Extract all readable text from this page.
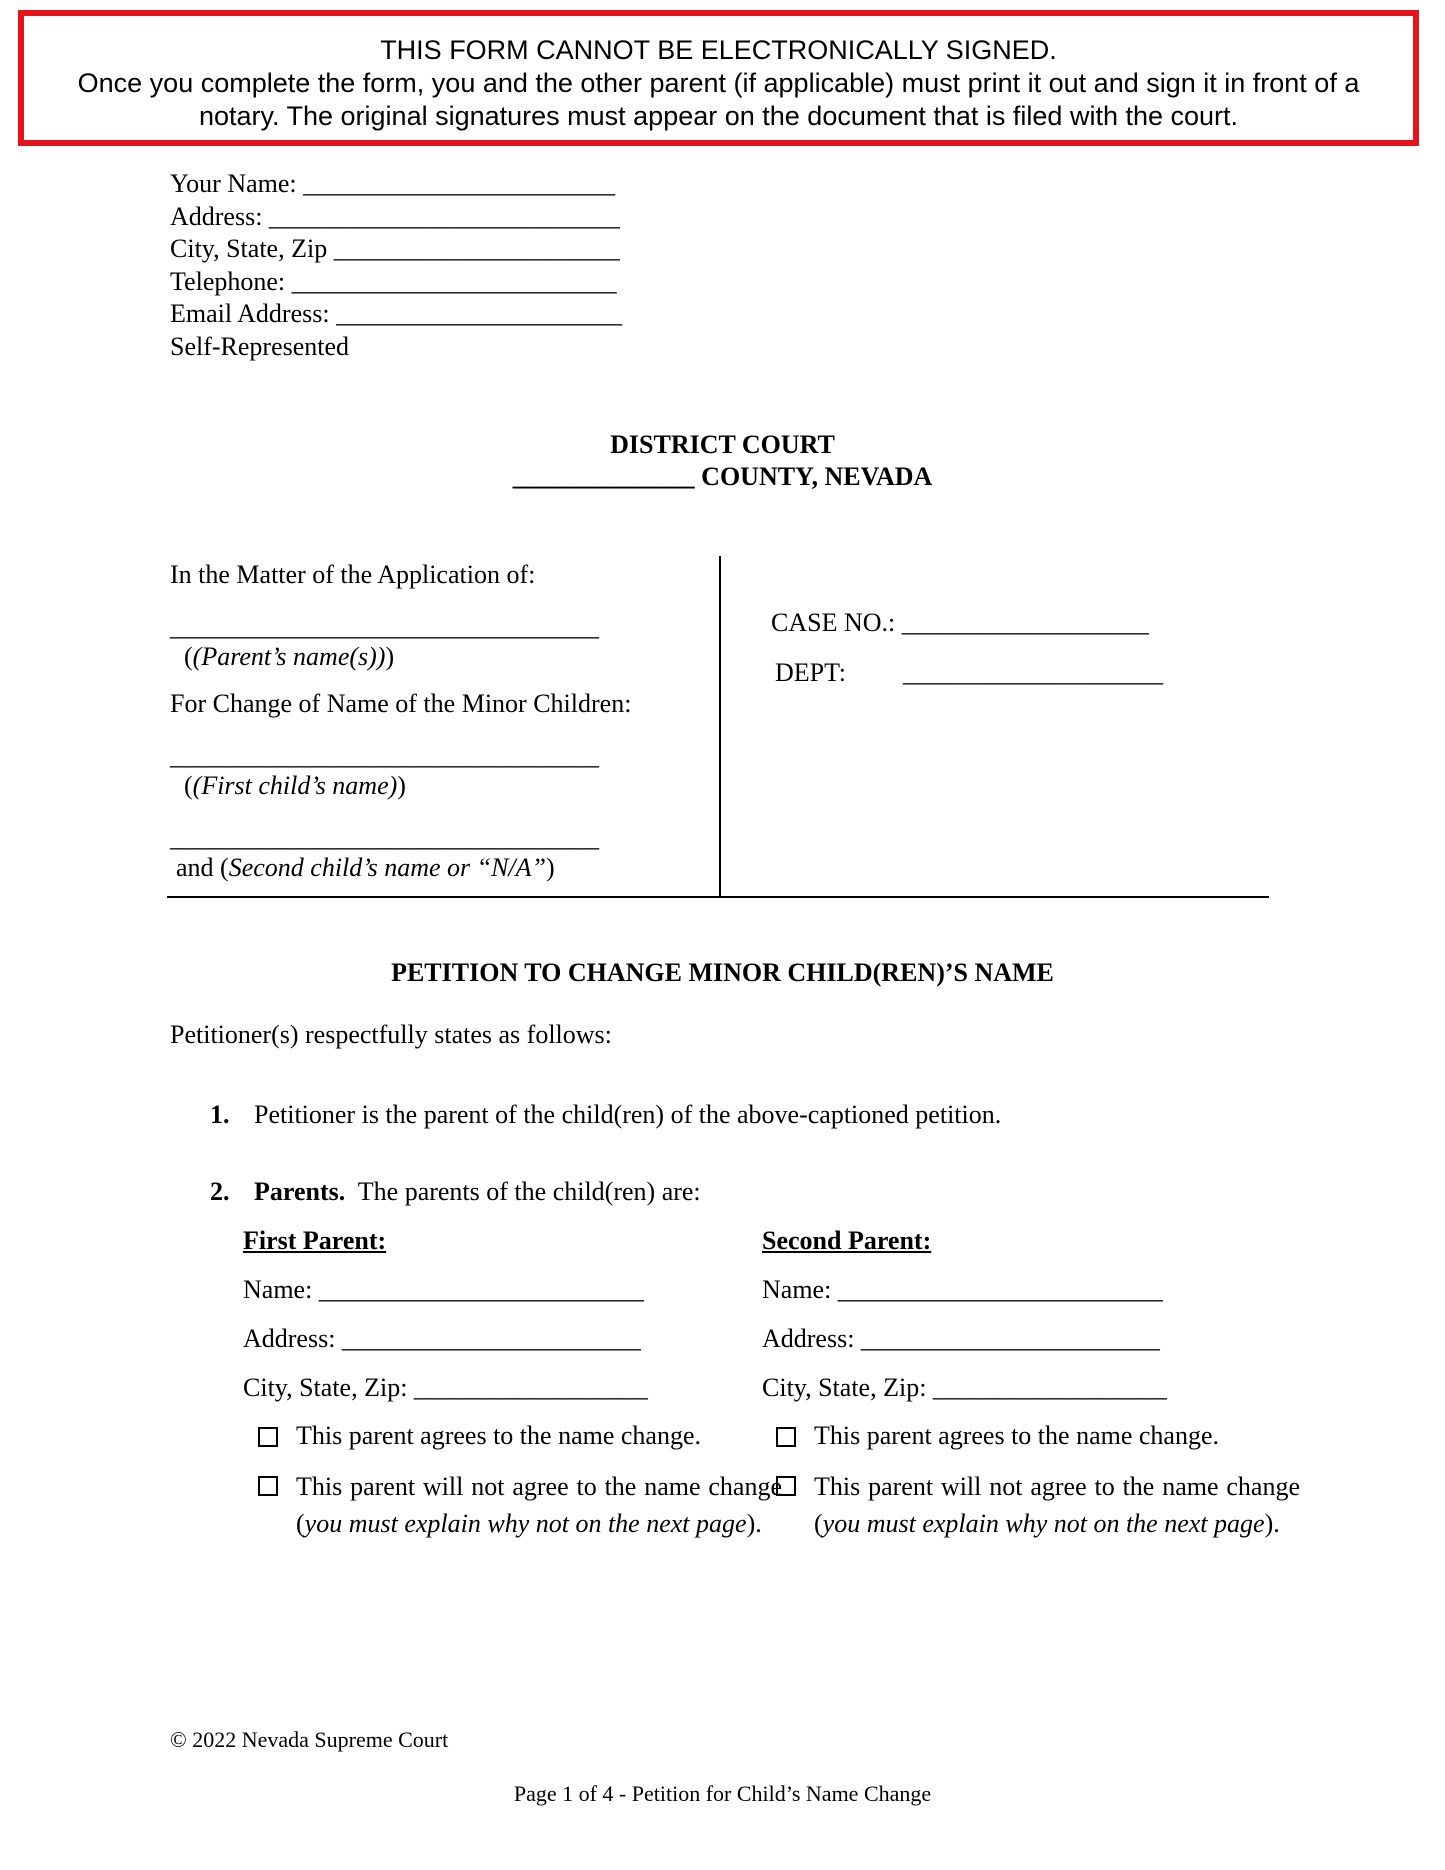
THIS FORM CANNOT BE ELECTRONICALLY SIGNED.
Once you complete the form, you and the other parent (if applicable) must print it out and sign it in front of a
notary. The original signatures must appear on the document that is filed with the court.
Your Name: ________________________
Address: ___________________________
City, State, Zip ______________________
Telephone: _________________________
Email Address: ______________________
Self-Represented
DISTRICT COURT
______________ COUNTY, NEVADA
In the Matter of the Application of:
_________________________________
((Parent’s name(s)))
For Change of Name of the Minor Children:
_________________________________
((First child’s name))
_________________________________
and (Second child’s name or “N/A”)
CASE NO.: ___________________
DEPT: ____________________
PETITION TO CHANGE MINOR CHILD(REN)’S NAME
Petitioner(s) respectfully states as follows:
1. Petitioner is the parent of the child(ren) of the above-captioned petition.
2. Parents. The parents of the child(ren) are:
First Parent:
Name: _________________________
Address: _______________________
City, State, Zip: __________________
This parent agrees to the name change.
This parent will not agree to the name change (you must explain why not on the next page).
Second Parent:
Name: _________________________
Address: _______________________
City, State, Zip: __________________
This parent agrees to the name change.
This parent will not agree to the name change (you must explain why not on the next page).
© 2022 Nevada Supreme Court
Page 1 of 4 - Petition for Child’s Name Change
